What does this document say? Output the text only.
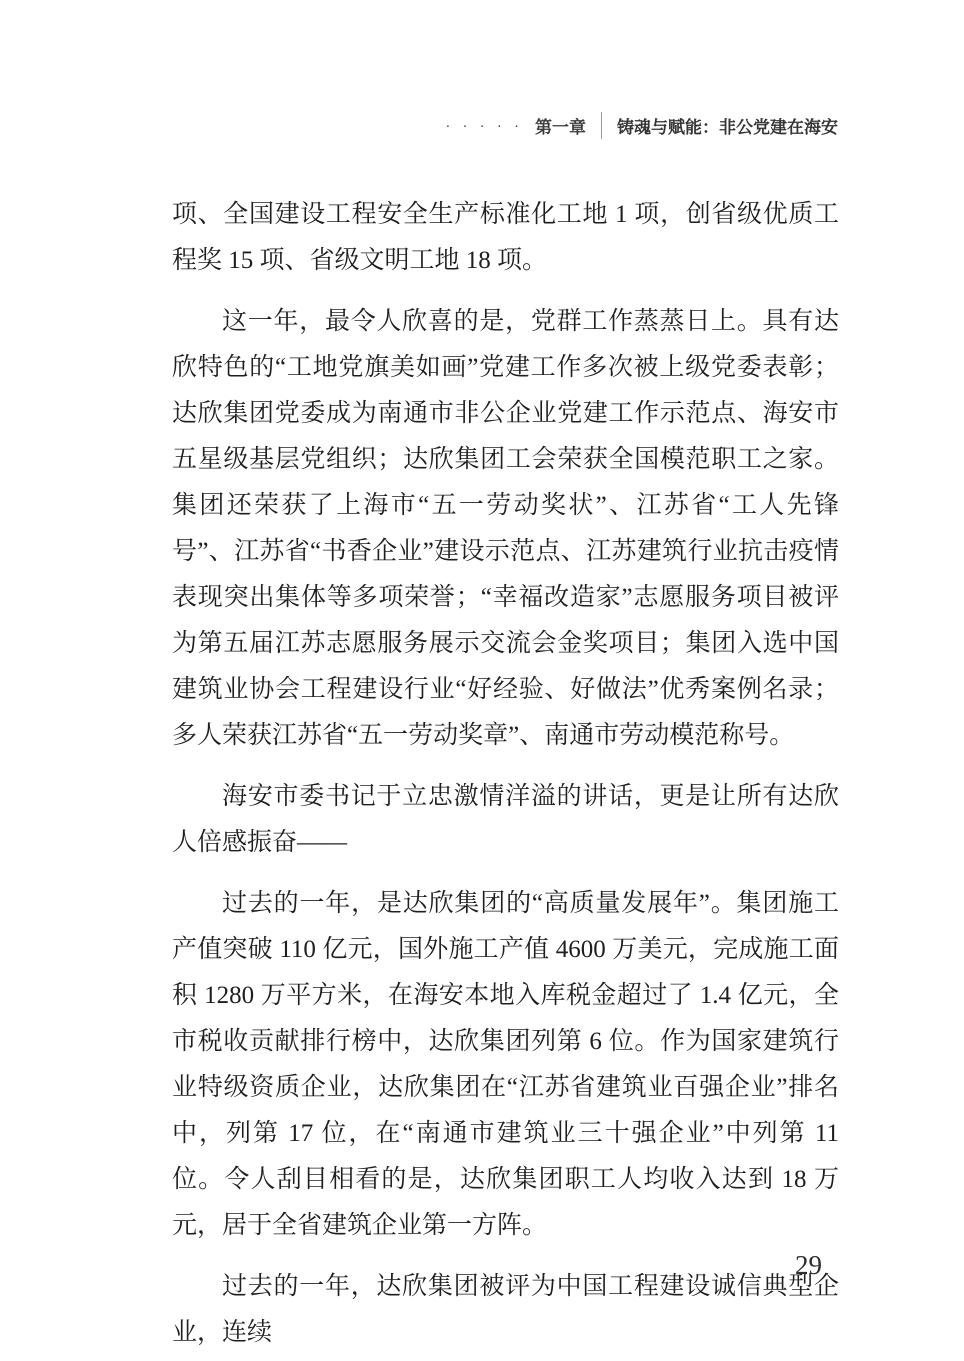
· · · · · 第一章 铸魂与赋能：非公党建在海安

项、全国建设工程安全生产标准化工地 1 项，创省级优质工程奖 15 项、省级文明工地 18 项。

这一年，最令人欣喜的是，党群工作蒸蒸日上。具有达欣特色的“工地党旗美如画”党建工作多次被上级党委表彰；达欣集团党委成为南通市非公企业党建工作示范点、海安市五星级基层党组织；达欣集团工会荣获全国模范职工之家。集团还荣获了上海市“五一劳动奖状”、江苏省“工人先锋号”、江苏省“书香企业”建设示范点、江苏建筑行业抗击疫情表现突出集体等多项荣誉；“幸福改造家”志愿服务项目被评为第五届江苏志愿服务展示交流会金奖项目；集团入选中国建筑业协会工程建设行业“好经验、好做法”优秀案例名录；多人荣获江苏省“五一劳动奖章”、南通市劳动模范称号。

海安市委书记于立忠激情洋溢的讲话，更是让所有达欣人倍感振奋——

过去的一年，是达欣集团的“高质量发展年”。集团施工产值突破 110 亿元，国外施工产值 4600 万美元，完成施工面积 1280 万平方米，在海安本地入库税金超过了 1.4 亿元，全市税收贡献排行榜中，达欣集团列第 6 位。作为国家建筑行业特级资质企业，达欣集团在“江苏省建筑业百强企业”排名中，列第 17 位，在“南通市建筑业三十强企业”中列第 11 位。令人刮目相看的是，达欣集团职工人均收入达到 18 万元，居于全省建筑企业第一方阵。

过去的一年，达欣集团被评为中国工程建设诚信典型企业，连续

29
